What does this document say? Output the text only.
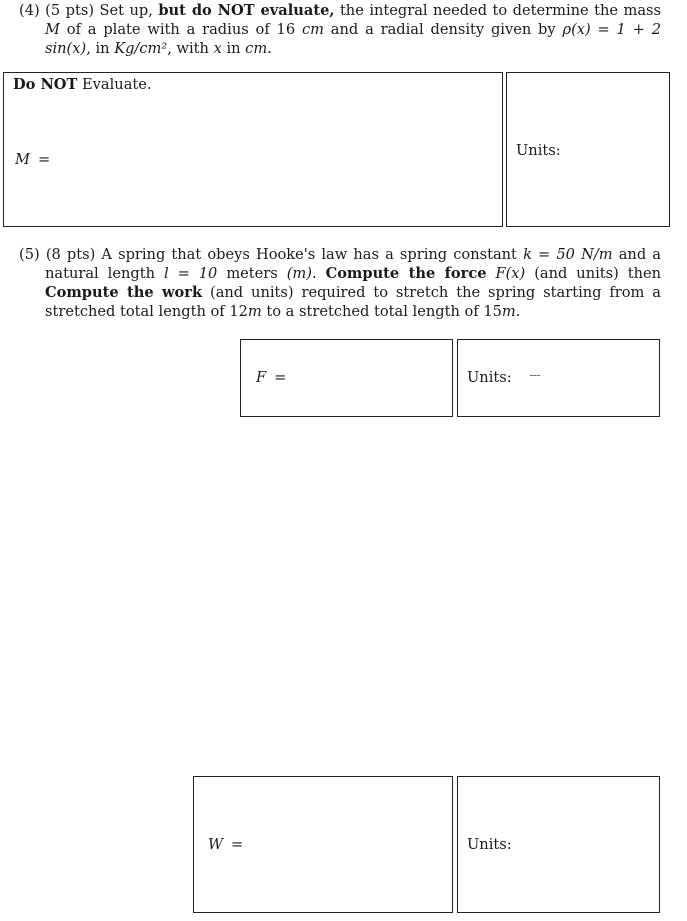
(4) (5 pts) Set up, but do NOT evaluate, the integral needed to determine the mass M of a plate with a radius of 16 cm and a radial density given by ρ(x) = 1 + 2 sin(x), in Kg/cm², with x in cm.
Do NOT Evaluate.
M =
Units:
(5) (8 pts) A spring that obeys Hooke's law has a spring constant k = 50 N/m and a natural length l = 10 meters (m). Compute the force F(x) (and units) then Compute the work (and units) required to stretch the spring starting from a stretched total length of 12m to a stretched total length of 15m.
F =	Units:
W =	Units:
